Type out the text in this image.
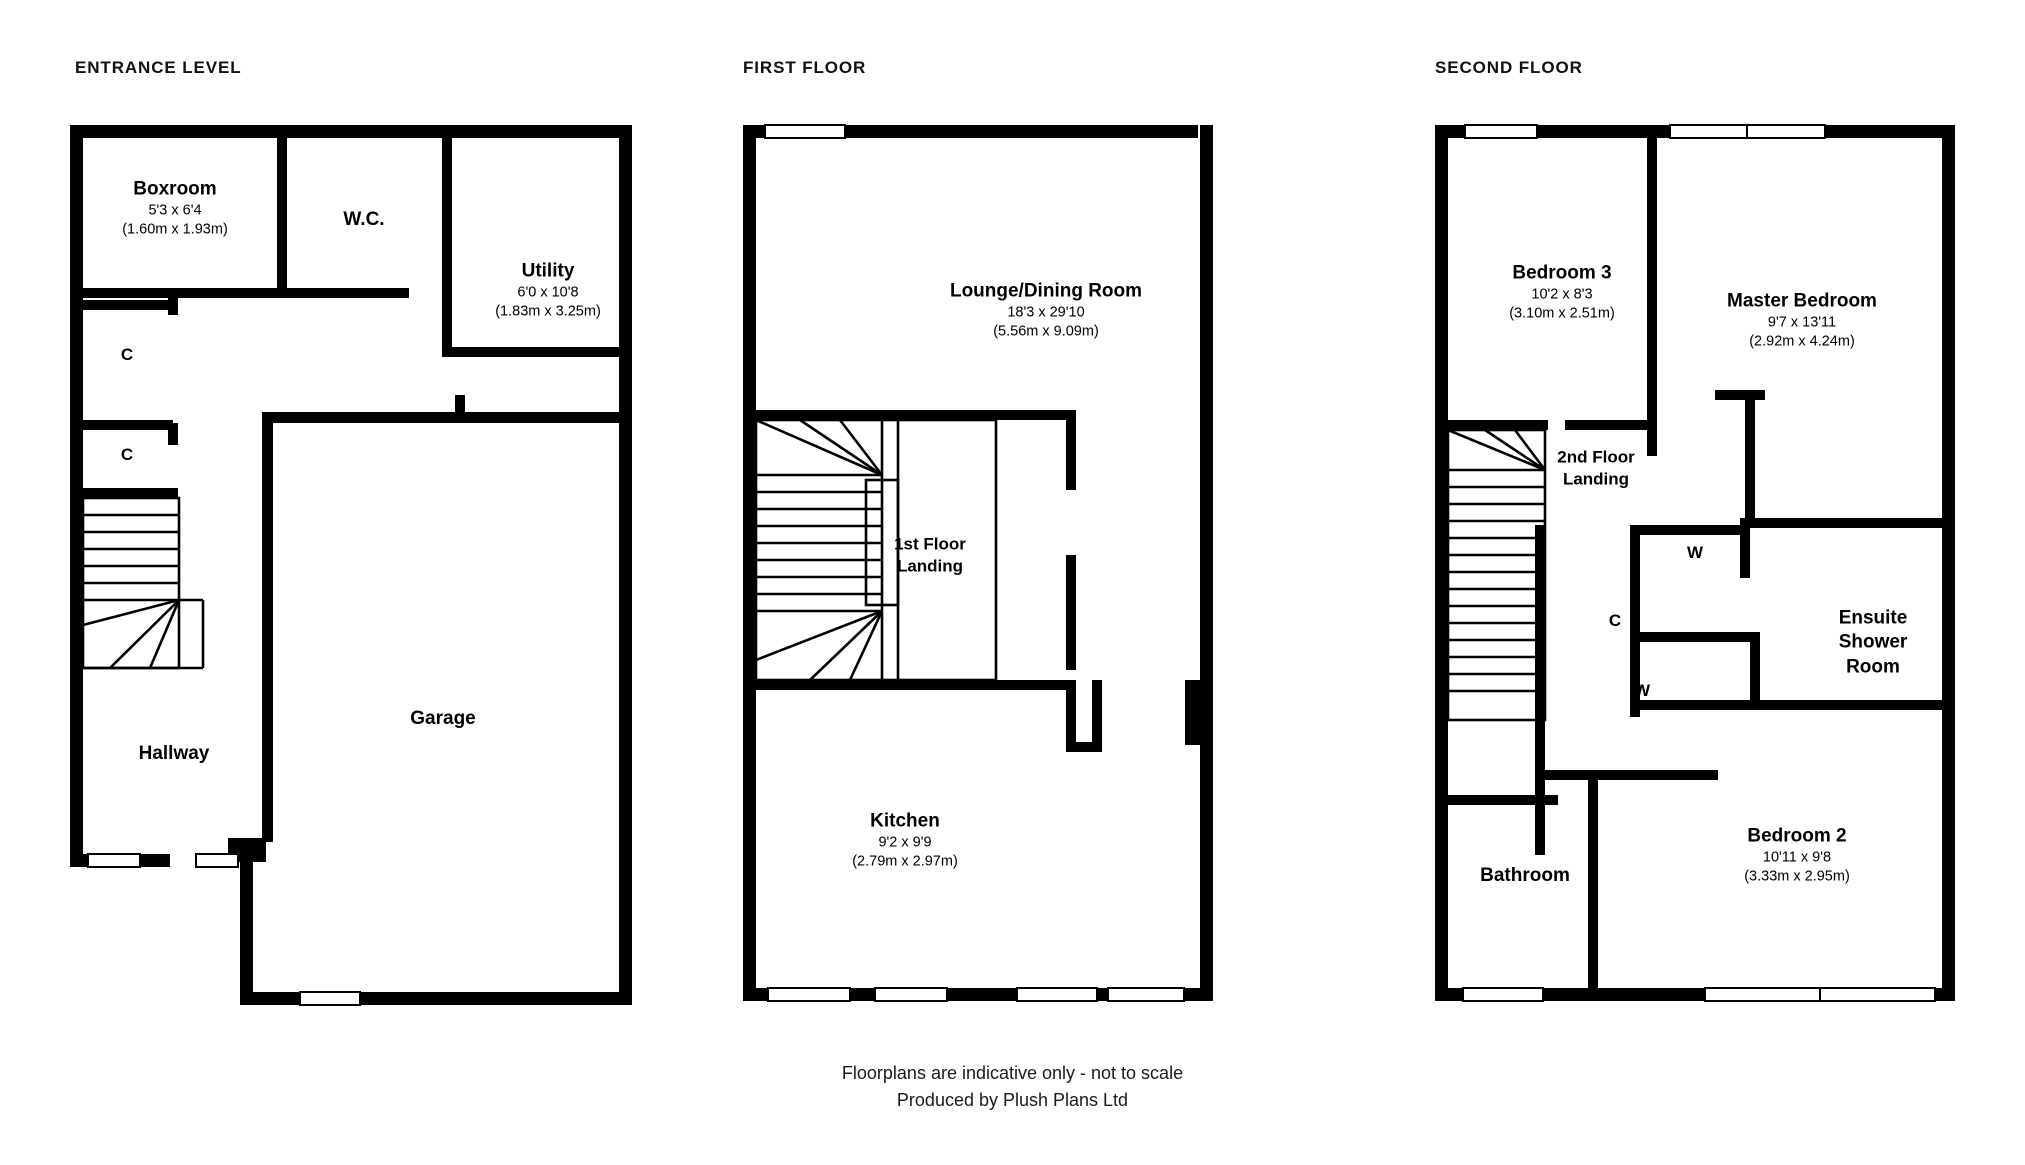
ENTRANCE LEVEL
Boxroom
5'3 x 6'4
(1.60m x 1.93m)	W.C.
Utility
6'0 x 10'8
(1.83m x 3.25m)
Garage
Hallway
C
C
FIRST FLOOR
Lounge/Dining Room
18'3 x 29'10
(5.56m x 9.09m)
1st Floor Landing
Kitchen
9'2 x 9'9
(2.79m x 2.97m)
SECOND FLOOR
Bedroom 3
10'2 x 8'3
(3.10m x 2.51m)
Master Bedroom
9'7 x 13'11
(2.92m x 4.24m)
2nd Floor Landing
Ensuite Shower Room
Bathroom
Bedroom 2
10'11 x 9'8
(3.33m x 2.95m)
W
C
W
Floorplans are indicative only - not to scale
Produced by Plush Plans Ltd
